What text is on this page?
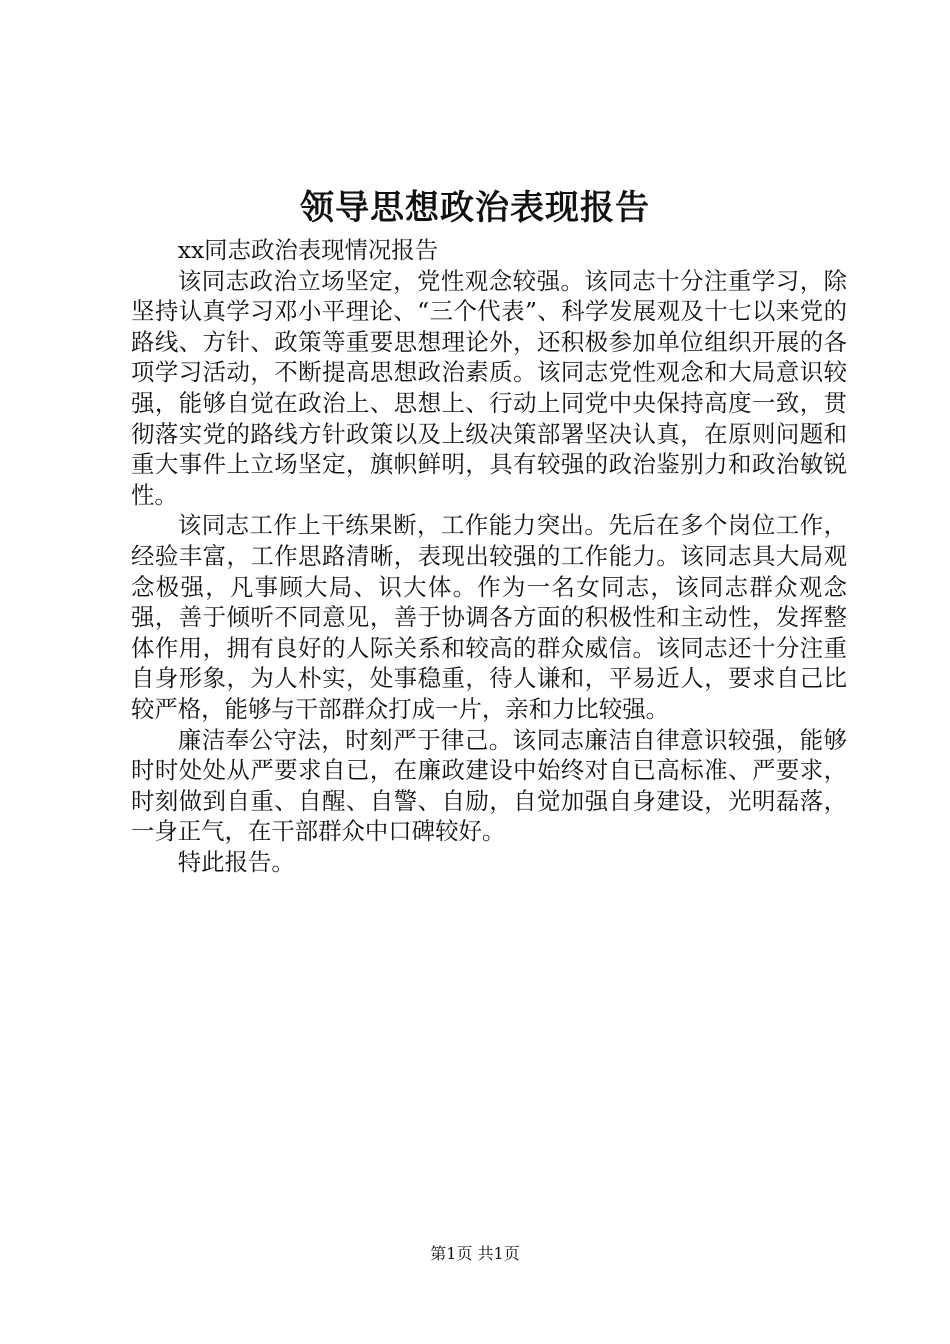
领导思想政治表现报告

xx同志政治表现情况报告

该同志政治立场坚定，党性观念较强。该同志十分注重学习，除坚持认真学习邓小平理论、“三个代表”、科学发展观及十七以来党的路线、方针、政策等重要思想理论外，还积极参加单位组织开展的各项学习活动，不断提高思想政治素质。该同志党性观念和大局意识较强，能够自觉在政治上、思想上、行动上同党中央保持高度一致，贯彻落实党的路线方针政策以及上级决策部署坚决认真，在原则问题和重大事件上立场坚定，旗帜鲜明，具有较强的政治鉴别力和政治敏锐性。

该同志工作上干练果断，工作能力突出。先后在多个岗位工作，经验丰富，工作思路清晰，表现出较强的工作能力。该同志具大局观念极强，凡事顾大局、识大体。作为一名女同志，该同志群众观念强，善于倾听不同意见，善于协调各方面的积极性和主动性，发挥整体作用，拥有良好的人际关系和较高的群众威信。该同志还十分注重自身形象，为人朴实，处事稳重，待人谦和，平易近人，要求自己比较严格，能够与干部群众打成一片，亲和力比较强。

廉洁奉公守法，时刻严于律己。该同志廉洁自律意识较强，能够时时处处从严要求自已，在廉政建设中始终对自已高标准、严要求，时刻做到自重、自醒、自警、自励，自觉加强自身建设，光明磊落，一身正气，在干部群众中口碑较好。

特此报告。

第1页 共1页
